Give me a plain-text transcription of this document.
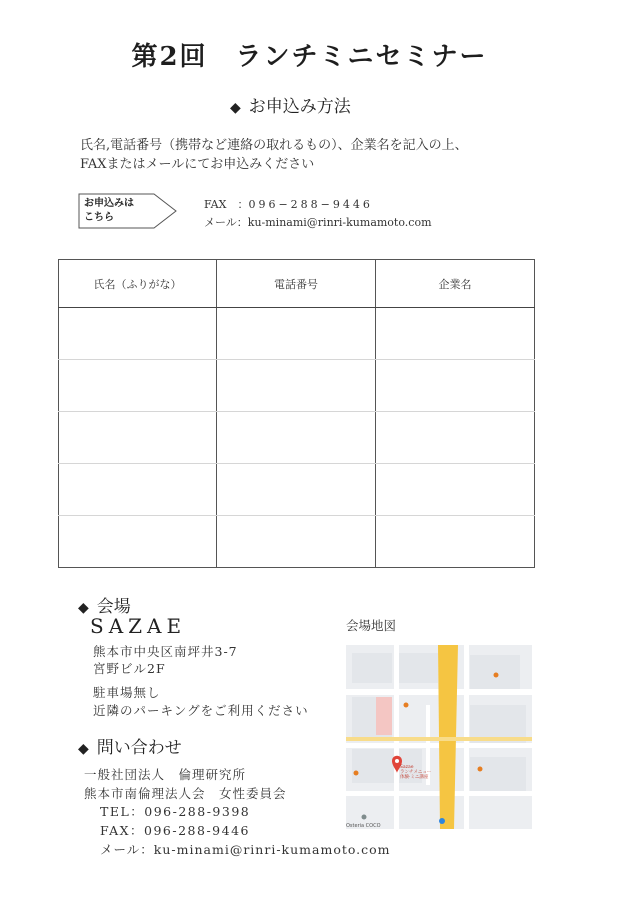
第2回　ランチミニセミナー
◆ お申込み方法
氏名,電話番号（携帯など連絡の取れるもの）、企業名を記入の上、
FAXまたはメールにてお申込みください
お申込みは
こちら
FAX　：096−288−9446
メール：ku-minami@rinri-kumamoto.com
氏名（ふりがな）	電話番号	企業名

◆ 会場
SAZAE
熊本市中央区南坪井3-7
宮野ビル2F
駐車場無し
近隣のパーキングをご利用ください
◆ 問い合わせ
一般社団法人　倫理研究所
熊本市南倫理法人会　女性委員会
TEL：096-288-9398
FAX：096-288-9446
メール：ku-minami@rinri-kumamoto.com
会場地図
Sazae
ランチメニュー
体験·ミニ講座
Osteria COCO
